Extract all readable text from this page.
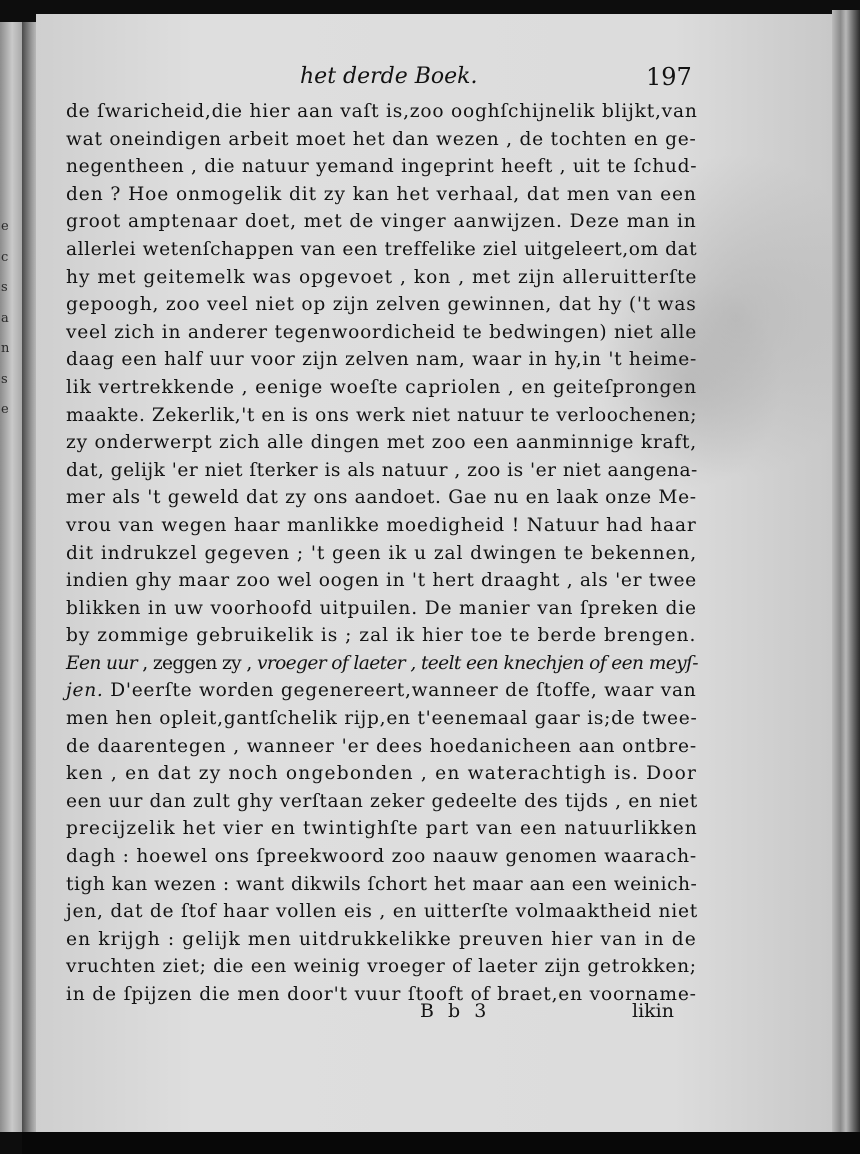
e
c
s
a
n
s
e
het derde Boek.	197
de ſwaricheid,die hier aan vaſt is,zoo ooghſchijnelik blijkt,van
wat oneindigen arbeit moet het dan wezen , de tochten en ge-
negentheen , die natuur yemand ingeprint heeft , uit te ſchud-
den ? Hoe onmogelik dit zy kan het verhaal, dat men van een
groot amptenaar doet, met de vinger aanwijzen. Deze man in
allerlei wetenſchappen van een treffelike ziel uitgeleert,om dat
hy met geitemelk was opgevoet , kon , met zijn alleruitterſte
gepoogh, zoo veel niet op zijn zelven gewinnen, dat hy ('t was
veel zich in anderer tegenwoordicheid te bedwingen) niet alle
daag een half uur voor zijn zelven nam, waar in hy,in 't heime-
lik vertrekkende , eenige woeſte capriolen , en geiteſprongen
maakte. Zekerlik,'t en is ons werk niet natuur te verloochenen;
zy onderwerpt zich alle dingen met zoo een aanminnige kraft,
dat, gelijk 'er niet ſterker is als natuur , zoo is 'er niet aangena-
mer als 't geweld dat zy ons aandoet. Gae nu en laak onze Me-
vrou van wegen haar manlikke moedigheid ! Natuur had haar
dit indrukzel gegeven ; 't geen ik u zal dwingen te bekennen,
indien ghy maar zoo wel oogen in 't hert draaght , als 'er twee
blikken in uw voorhoofd uitpuilen. De manier van ſpreken die
by zommige gebruikelik is ; zal ik hier toe te berde brengen.
Een uur , zeggen zy , vroeger of laeter , teelt een knechjen of een meyſ-
jen. D'eerſte worden gegenereert,wanneer de ſtoffe, waar van
men hen opleit,gantſchelik rijp,en t'eenemaal gaar is;de twee-
de daarentegen , wanneer 'er dees hoedanicheen aan ontbre-
ken , en dat zy noch ongebonden , en waterachtigh is. Door
een uur dan zult ghy verſtaan zeker gedeelte des tijds , en niet
precijzelik het vier en twintighſte part van een natuurlikken
dagh : hoewel ons ſpreekwoord zoo naauw genomen waarach-
tigh kan wezen : want dikwils ſchort het maar aan een weinich-
jen, dat de ſtof haar vollen eis , en uitterſte volmaaktheid niet
en krijgh : gelijk men uitdrukkelikke preuven hier van in de
vruchten ziet; die een weinig vroeger of laeter zijn getrokken;
in de ſpijzen die men door't vuur ſtooft of braet,en voorname-
B b 3	likin
